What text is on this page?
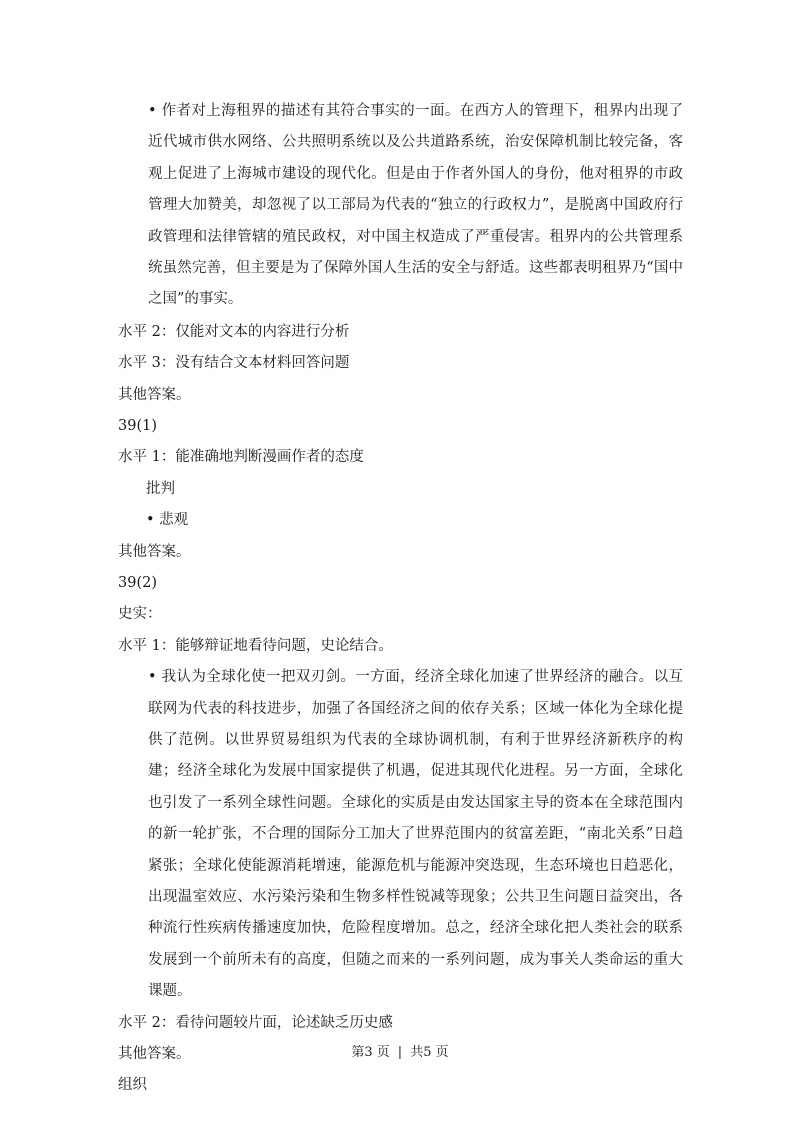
• 作者对上海租界的描述有其符合事实的一面。在西方人的管理下，租界内出现了近代城市供水网络、公共照明系统以及公共道路系统，治安保障机制比较完备，客观上促进了上海城市建设的现代化。但是由于作者外国人的身份，他对租界的市政管理大加赞美，却忽视了以工部局为代表的“独立的行政权力”，是脱离中国政府行政管理和法律管辖的殖民政权，对中国主权造成了严重侵害。租界内的公共管理系统虽然完善，但主要是为了保障外国人生活的安全与舒适。这些都表明租界乃“国中之国”的事实。

水平 2：仅能对文本的内容进行分析
水平 3：没有结合文本材料回答问题
其他答案。
39(1)
水平 1：能准确地判断漫画作者的态度
批判
• 悲观
其他答案。
39(2)
史实：
水平 1：能够辩证地看待问题，史论结合。

• 我认为全球化使一把双刃剑。一方面，经济全球化加速了世界经济的融合。以互联网为代表的科技进步，加强了各国经济之间的依存关系；区域一体化为全球化提供了范例。以世界贸易组织为代表的全球协调机制，有利于世界经济新秩序的构建；经济全球化为发展中国家提供了机遇，促进其现代化进程。另一方面，全球化也引发了一系列全球性问题。全球化的实质是由发达国家主导的资本在全球范围内的新一轮扩张，不合理的国际分工加大了世界范围内的贫富差距，“南北关系”日趋紧张；全球化使能源消耗增速，能源危机与能源冲突迭现，生态环境也日趋恶化，出现温室效应、水污染污染和生物多样性锐减等现象；公共卫生问题日益突出，各种流行性疾病传播速度加快，危险程度增加。总之，经济全球化把人类社会的联系发展到一个前所未有的高度，但随之而来的一系列问题，成为事关人类命运的重大课题。

水平 2：看待问题较片面，论述缺乏历史感
其他答案。
组织
第3 页 | 共5 页
